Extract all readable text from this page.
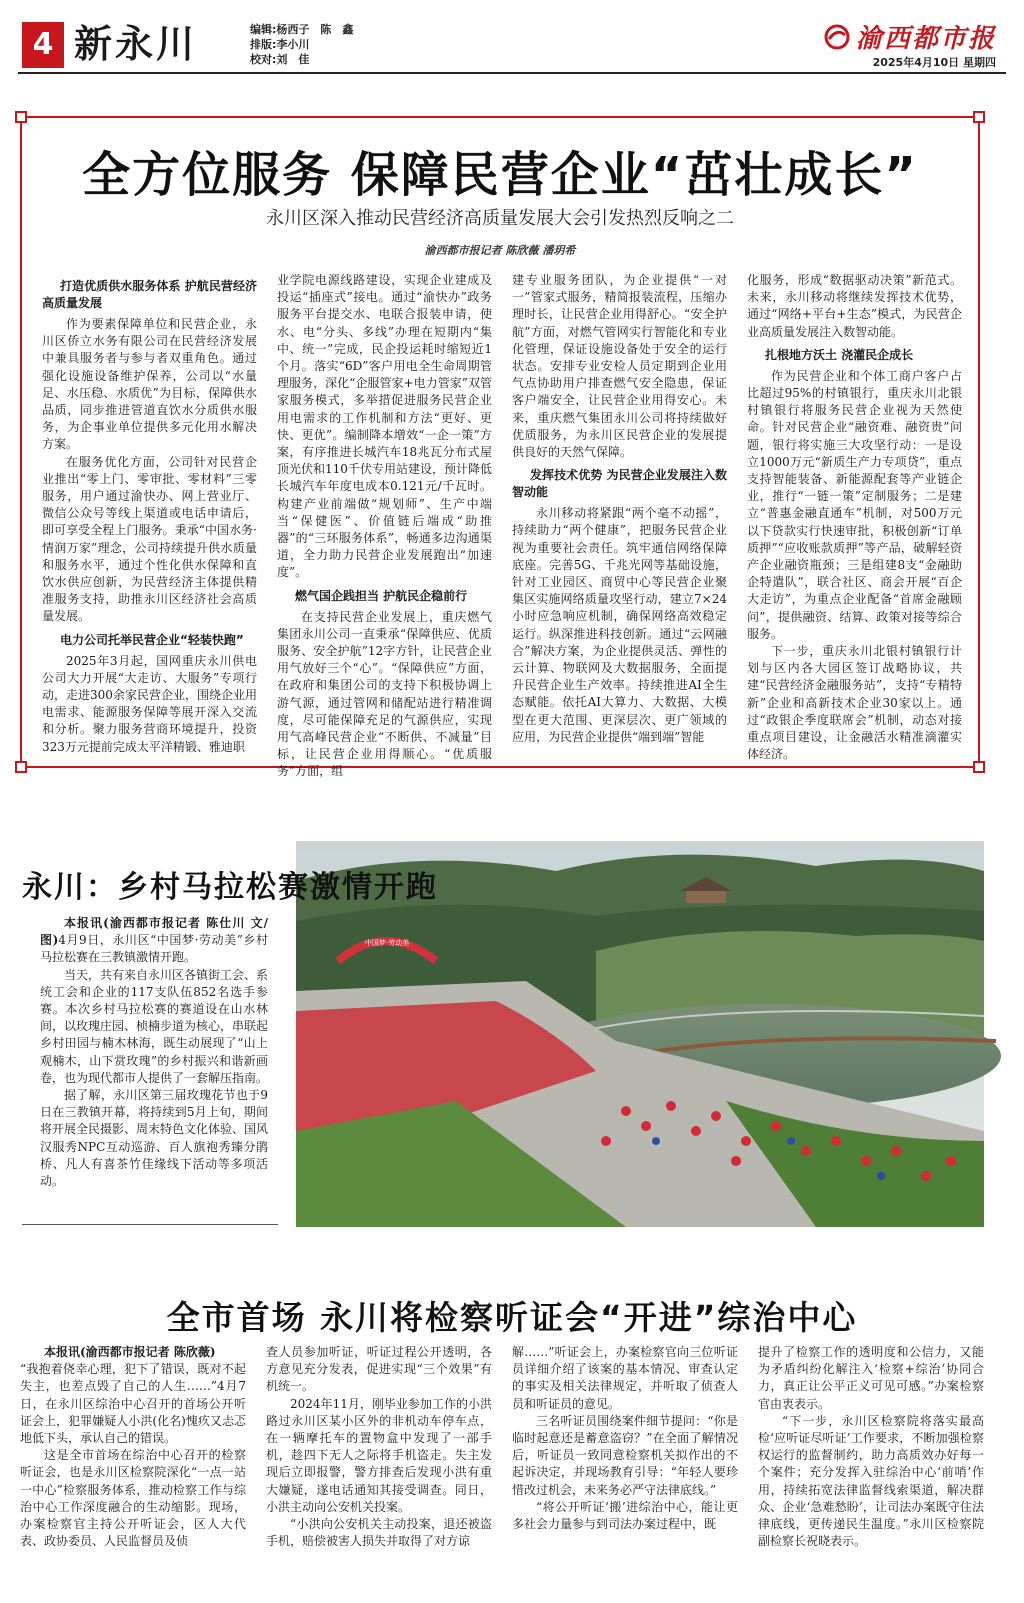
4 新永川	编辑:杨西子　陈　鑫
排版:李小川
校对:刘　佳
渝西都市报
2025年4月10日 星期四
全方位服务 保障民营企业“茁壮成长”
永川区深入推动民营经济高质量发展大会引发热烈反响之二
渝西都市报记者 陈欣薇 潘玥希
打造优质供水服务体系 护航民营经济高质量发展

作为要素保障单位和民营企业，永川区侨立水务有限公司在民营经济发展中兼具服务者与参与者双重角色。通过强化设施设备维护保养，公司以“水量足、水压稳、水质优”为目标，保障供水品质，同步推进管道直饮水分质供水服务，为企事业单位提供多元化用水解决方案。

在服务优化方面，公司针对民营企业推出“零上门、零审批、零材料”三零服务，用户通过渝快办、网上营业厅、微信公众号等线上渠道或电话申请后，即可享受全程上门服务。秉承“中国水务·情润万家”理念，公司持续提升供水质量和服务水平，通过个性化供水保障和直饮水供应创新，为民营经济主体提供精准服务支持，助推永川区经济社会高质量发展。

电力公司托举民营企业“轻装快跑”

2025年3月起，国网重庆永川供电公司大力开展“大走访、大服务”专项行动，走进300余家民营企业，围绕企业用电需求、能源服务保障等展开深入交流和分析。聚力服务营商环境提升，投资323万元提前完成太平洋精锻、雅迪职

业学院电源线路建设，实现企业建成及投运“插座式”接电。通过“渝快办”政务服务平台提交水、电联合报装申请，使水、电“分头、多线”办理在短期内“集中、统一”完成，民企投运耗时缩短近1个月。落实“6D”客户用电全生命周期管理服务，深化“企服管家+电力管家”双管家服务模式，多举措促进服务民营企业用电需求的工作机制和方法“更好、更快、更优”。编制降本增效“一企一策”方案，有序推进长城汽车18兆瓦分布式屋顶光伏和110千伏专用站建设，预计降低长城汽车年度电成本0.121元/千瓦时。构建产业前端做“规划师”、生产中端当“保健医”、价值链后端成“助推器”的“三环服务体系”，畅通多边沟通渠道，全力助力民营企业发展跑出“加速度”。

燃气国企践担当 护航民企稳前行

在支持民营企业发展上，重庆燃气集团永川公司一直秉承“保障供应、优质服务、安全护航”12字方针，让民营企业用气放好三个“心”。“保障供应”方面，在政府和集团公司的支持下积极协调上游气源，通过管网和储配站进行精准调度，尽可能保障充足的气源供应，实现用气高峰民营企业“不断供、不减量”目标，让民营企业用得顺心。“优质服务”方面，组

建专业服务团队，为企业提供“一对一”管家式服务，精简报装流程，压缩办理时长，让民营企业用得舒心。“安全护航”方面，对燃气管网实行智能化和专业化管理，保证设施设备处于安全的运行状态。安排专业安检人员定期到企业用气点协助用户排查燃气安全隐患，保证客户端安全，让民营企业用得安心。未来，重庆燃气集团永川公司将持续做好优质服务，为永川区民营企业的发展提供良好的天然气保障。

发挥技术优势 为民营企业发展注入数智动能

永川移动将紧跟“两个毫不动摇”，持续助力“两个健康”，把服务民营企业视为重要社会责任。筑牢通信网络保障底座。完善5G、千兆光网等基础设施，针对工业园区、商贸中心等民营企业聚集区实施网络质量攻坚行动，建立7×24小时应急响应机制，确保网络高效稳定运行。纵深推进科技创新。通过“云网融合”解决方案，为企业提供灵活、弹性的云计算、物联网及大数据服务，全面提升民营企业生产效率。持续推进AI全生态赋能。依托AI大算力、大数据、大模型在更大范围、更深层次、更广领域的应用，为民营企业提供“端到端”智能

化服务，形成“数据驱动决策”新范式。未来，永川移动将继续发挥技术优势，通过“网络+平台+生态”模式，为民营企业高质量发展注入数智动能。

扎根地方沃土 浇灌民企成长

作为民营企业和个体工商户客户占比超过95%的村镇银行，重庆永川北银村镇银行将服务民营企业视为天然使命。针对民营企业“融资难、融资贵”问题，银行将实施三大攻坚行动：一是设立1000万元“新质生产力专项贷”，重点支持智能装备、新能源配套等产业链企业，推行“一链一策”定制服务；二是建立“普惠金融直通车”机制，对500万元以下贷款实行快速审批，积极创新“订单质押”“应收账款质押”等产品，破解轻资产企业融资瓶颈；三是组建8支“金融助企特遣队”，联合社区、商会开展“百企大走访”，为重点企业配备“首席金融顾问”，提供融资、结算、政策对接等综合服务。

下一步，重庆永川北银村镇银行计划与区内各大园区签订战略协议，共建“民营经济金融服务站”，支持“专精特新”企业和高新技术企业30家以上。通过“政银企季度联席会”机制，动态对接重点项目建设，让金融活水精准滴灌实体经济。

永川：乡村马拉松赛激情开跑

本报讯(渝西都市报记者 陈仕川 文/图)4月9日，永川区“中国梦·劳动美”乡村马拉松赛在三教镇激情开跑。

当天，共有来自永川区各镇街工会、系统工会和企业的117支队伍852名选手参赛。本次乡村马拉松赛的赛道设在山水林间，以玫瑰庄园、桢楠步道为核心，串联起乡村田园与楠木林海，既生动展现了“山上观楠木，山下赏玫瑰”的乡村振兴和谐新画卷，也为现代都市人提供了一套解压指南。

据了解，永川区第三届玫瑰花节也于9日在三教镇开幕，将持续到5月上旬，期间将开展全民摄影、周末特色文化体验、国风汉服秀NPC互动巡游、百人旗袍秀臻分鹃桥、凡人有喜茶竹佳缘线下活动等多项活动。

中国梦·劳动美
全市首场 永川将检察听证会“开进”综治中心

本报讯(渝西都市报记者 陈欣薇)

“我抱着侥幸心理，犯下了错误，既对不起失主，也差点毁了自己的人生……”4月7日，在永川区综治中心召开的首场公开听证会上，犯罪嫌疑人小洪(化名)愧疚又忐忑地低下头，承认自己的错误。

这是全市首场在综治中心召开的检察听证会，也是永川区检察院深化“一点一站一中心”检察服务体系，推动检察工作与综治中心工作深度融合的生动缩影。现场，办案检察官主持公开听证会，区人大代表、政协委员、人民监督员及侦

查人员参加听证，听证过程公开透明，各方意见充分发表，促进实现“三个效果”有机统一。

2024年11月，刚毕业参加工作的小洪路过永川区某小区外的非机动车停车点，在一辆摩托车的置物盒中发现了一部手机，趁四下无人之际将手机盗走。失主发现后立即报警，警方排查后发现小洪有重大嫌疑，遂电话通知其接受调查。同日，小洪主动向公安机关投案。

“小洪向公安机关主动投案，退还被盗手机，赔偿被害人损失并取得了对方谅

解……”听证会上，办案检察官向三位听证员详细介绍了该案的基本情况、审查认定的事实及相关法律规定，并听取了侦查人员和听证员的意见。

三名听证员围绕案件细节提问：“你是临时起意还是蓄意盗窃？”在全面了解情况后，听证员一致同意检察机关拟作出的不起诉决定，并现场教育引导：“年轻人要珍惜改过机会，未来务必严守法律底线。”

“将公开听证‘搬’进综治中心，能让更多社会力量参与到司法办案过程中，既

提升了检察工作的透明度和公信力，又能为矛盾纠纷化解注入‘检察+综治’协同合力，真正让公平正义可见可感。”办案检察官由衷表示。

“下一步，永川区检察院将落实最高检‘应听证尽听证’工作要求，不断加强检察权运行的监督制约，助力高质效办好每一个案件；充分发挥入驻综治中心‘前哨’作用，持续拓宽法律监督线索渠道，解决群众、企业‘急难愁盼’，让司法办案既守住法律底线，更传递民生温度。”永川区检察院副检察长祝晓表示。
